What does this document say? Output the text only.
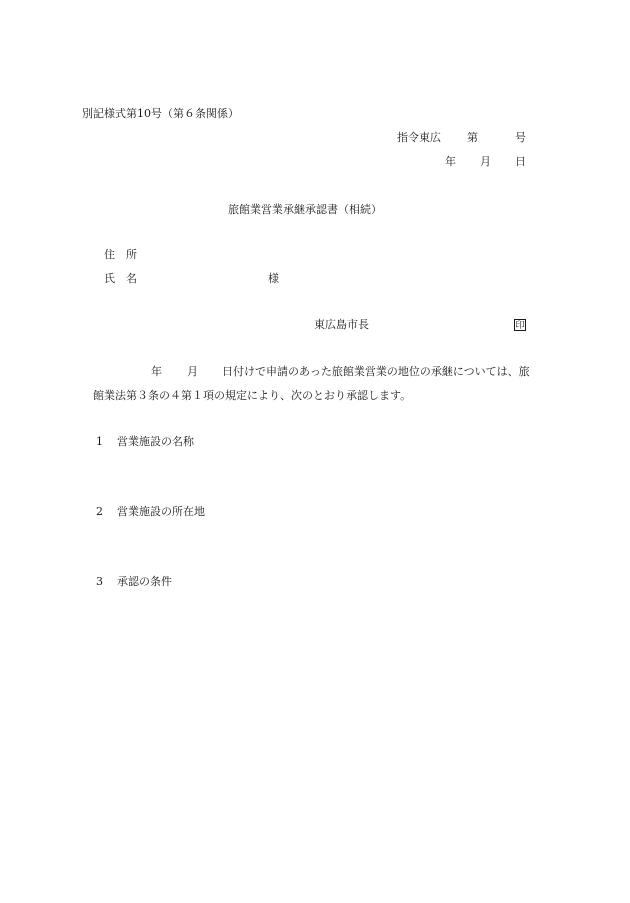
別記様式第10号（第６条関係）
指令東広 第	号
年 月 日
旅館業営業承継承認書（相続）
住　所
氏　名	様
東広島市長	印
年 月 日付けで申請のあった旅館業営業の地位の承継については、旅
館業法第３条の４第１項の規定により、次のとおり承認します。
1 営業施設の名称
2 営業施設の所在地
3 承認の条件
